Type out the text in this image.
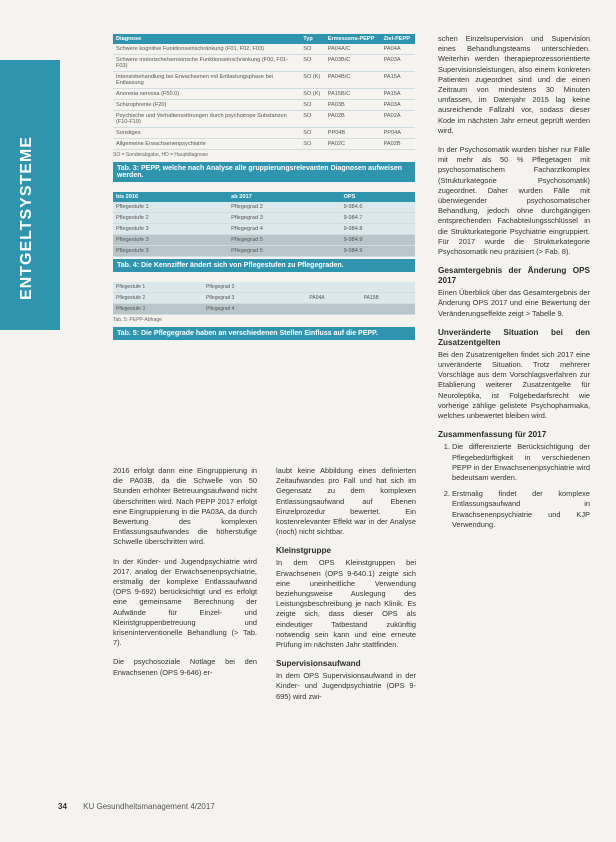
ENTGELTSYSTEME
Diagnose	Typ	Ermessens-PEPP	Ziel-PEPP
Schwere kognitive Funktionseinschränkung (F01, F02, F03)	SO	PA04A/C	PA04A
Schwere motorische/sensorische Funktionseinschränkung (F00, F01-F03)	SO	PA03B/C	PA03A
Intensivbehandlung bei Erwachsenen mit Entlastungsphase bei Entlassung	SO (K)	PA04B/C	PA15A
Anorexia nervosa (F50.0)	SO (K)	PA15B/C	PA15A
Schizophrenie (F20)	SO	PA03B	PA03A
Psychische und Verhaltensstörungen durch psychotrope Substanzen (F10-F19)	SO	PA02B	PA02A
Sonstiges	SO	PP04B	PP04A
Allgemeine Erwachsenenpsychiatrie	SO	PA02C	PA02B
SO = Sonderabgabe, HD = Hauptdiagnose
Tab. 3: PEPP, welche nach Analyse alle gruppierungsrelevanten Diagnosen aufweisen werden.
bis 2016	ab 2017	OPS
Pflegestufe 1	Pflegegrad 2	9-984.6
Pflegestufe 2	Pflegegrad 3	9-984.7
Pflegestufe 3	Pflegegrad 4	9-984.8
Pflegestufe 3	Pflegegrad 5	9-984.9
Pflegestufe 3	Pflegegrad 5	9-984.9
Tab. 4: Die Kennziffer ändert sich von Pflegestufen zu Pflegegraden.
Pflegestufe 1	Pflegegrad 2			
Pflegestufe 2	Pflegegrad 3		PA04A	PA15B
Pflegestufe 3	Pflegegrad 4			
Tab. 5: PEPP-Abfrage
Tab. 5: Die Pflegegrade haben an verschiedenen Stellen Einfluss auf die PEPP.

2016 erfolgt dann eine Eingruppierung in die PA03B, da die Schwelle von 50 Stunden erhöhter Betreuungsaufwand nicht überschritten wird. Nach PEPP 2017 erfolgt eine Eingruppierung in die PA03A, da durch Bewertung des komplexen Entlassungsaufwandes die höherstufige Schwelle überschritten wird.

In der Kinder- und Jugendpsychiatrie wird 2017, analog der Erwachsenenpsychiatrie, erstmalig der komplexe Entlassaufwand (OPS 9-692) berücksichtigt und es erfolgt eine gemeinsame Berechnung der Aufwände für Einzel- und Kleinstgruppenbetreuung und kriseninterventionelle Behandlung (> Tab. 7).

Die psychosoziale Notlage bei den Erwachsenen (OPS 9-646) er-

laubt keine Abbildung eines definierten Zeitaufwandes pro Fall und hat sich im Gegensatz zu dem komplexen Entlassungsaufwand auf Ebenen Einzelprozedur bewertet. Ein kostenrelevanter Effekt war in der Analyse (noch) nicht sichtbar.

Kleinstgruppe

In dem OPS Kleinstgruppen bei Erwachsenen (OPS 9-640.1) zeigte sich eine uneinheitliche Verwendung beziehungsweise Auslegung des Leistungsbeschreibung je nach Klinik. Es zeigte sich, dass dieser OPS als eindeutiger Tatbestand zukünftig notwendig sein kann und eine erneute Prüfung im nächsten Jahr stattfinden.

Supervisionsaufwand

In dem OPS Supervisionsaufwand in der Kinder- und Jugendpsychiatrie (OPS 9-695) wird zwi-

schen Einzelsupervision und Supervision eines Behandlungsteams unterschieden. Weiterhin werden therapieprozessorientierte Supervisionsleistungen, also einem konkreten Patienten zugeordnet sind und die einen Zeitraum von mindestens 30 Minuten umfassen, im Datenjahr 2015 lag keine ausreichende Fallzahl vor, sodass dieser Kode im nächsten Jahr erneut geprüft werden wird.

In der Psychosomatik wurden bisher nur Fälle mit mehr als 50 % Pflegetagen mit psychosomatischem Facharztkomplex (Strukturkategorie Psychosomatik) zugeordnet. Daher wurden Fälle mit überwiegender psychosomatischer Behandlung, jedoch ohne durchgängigen entsprechenden Fachabteilungsschlüssel in die Strukturkategorie Psychiatrie eingruppiert. Für 2017 wurde die Strukturkategorie Psychosomatik neu präzisiert (> Fab. 8).

Gesamtergebnis der Änderung OPS 2017

Einen Überblick über das Gesamtergebnis der Änderung OPS 2017 und eine Bewertung der Veränderungseffekte zeigt > Tabelle 9.

Unveränderte Situation bei den Zusatzentgelten

Bei den Zusatzentgelten findet sich 2017 eine unveränderte Situation. Trotz mehrerer Vorschläge aus dem Vorschlagsverfahren zur Etablierung weiterer Zusatzentgelte für Neuroleptika, ist Folgebedarfsrecht wie vorherige zählige gelistete Psychopharmaka, welches unbewertet bleiben wird.

Zusammenfassung für 2017
1. Die differenzierte Berücksichtigung der Pflegebedürftigkeit in verschiedenen PEPP in der Erwachsenenpsychiatrie wird bedeutsam werden.
2. Erstmalig findet der komplexe Entlassungsaufwand in Erwachsenenpsychiatrie und KJP Verwendung.
34 KU Gesundheitsmanagement 4/2017
